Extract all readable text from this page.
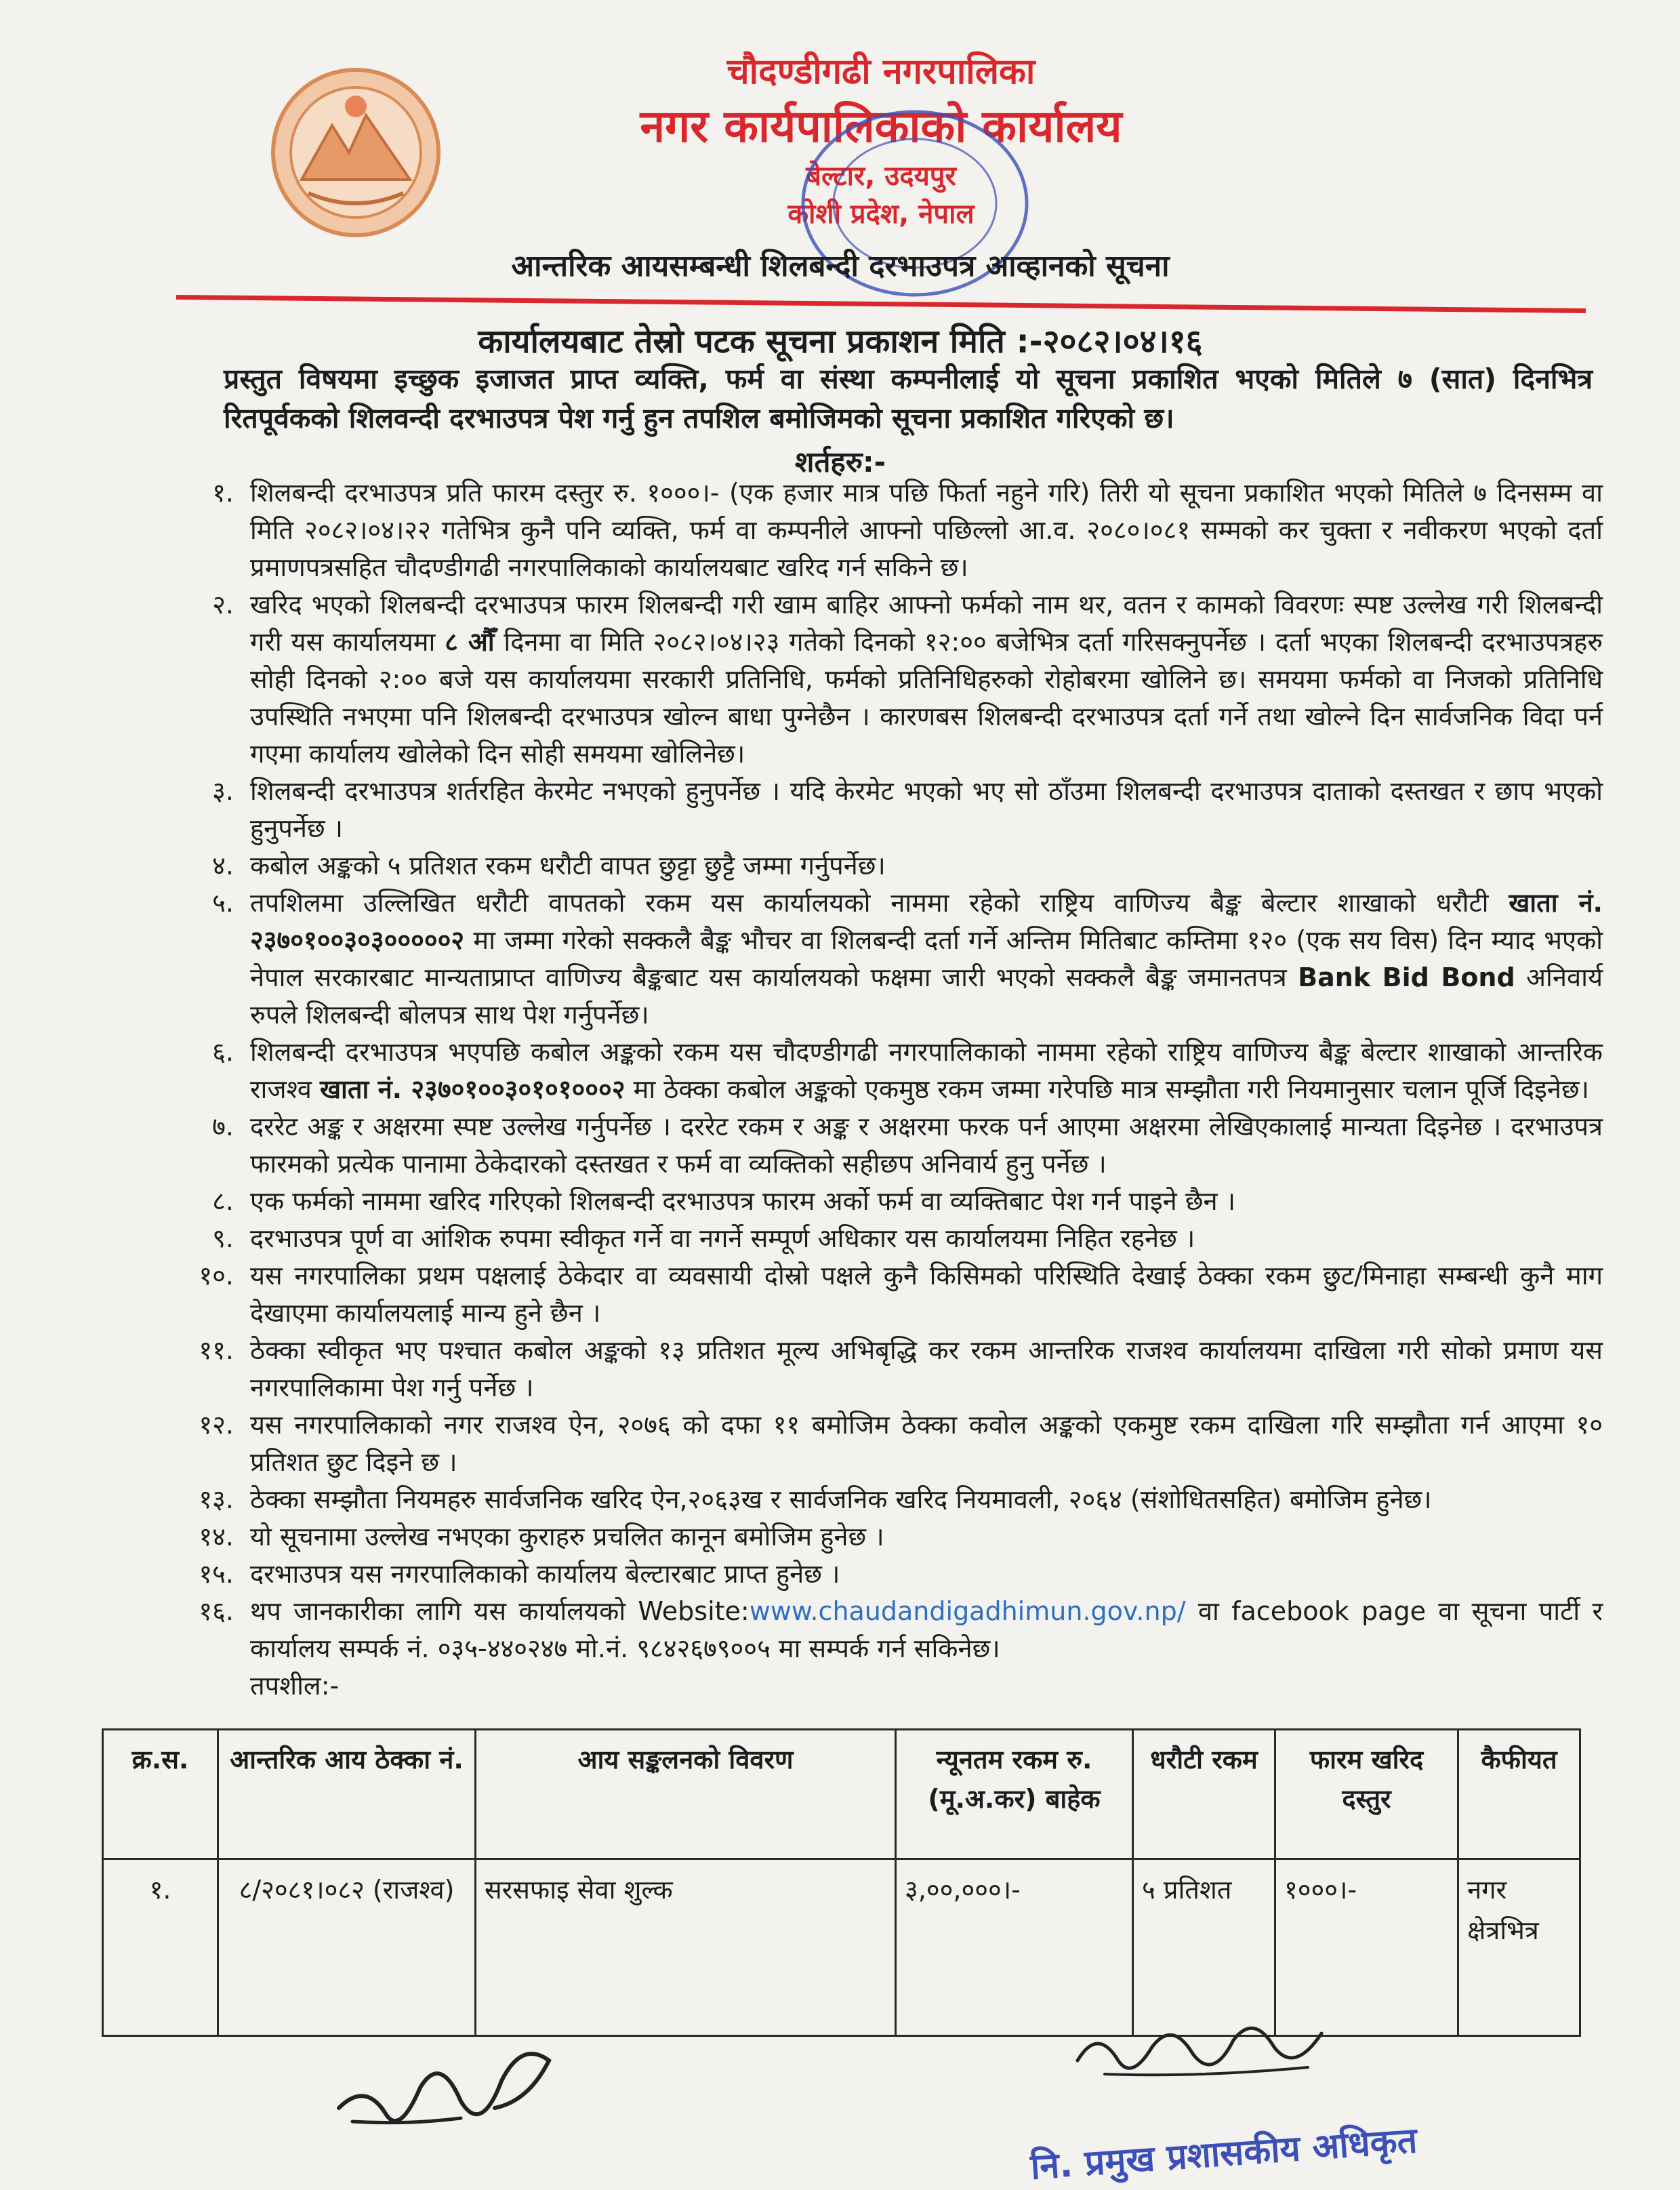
चौदण्डीगढी नगरपालिका
नगर कार्यपालिकाको कार्यालय
बेल्टार, उदयपुर
कोशी प्रदेश, नेपाल
आन्तरिक आयसम्बन्धी शिलबन्दी दरभाउपत्र आव्हानको सूचना
कार्यालयबाट तेस्रो पटक सूचना प्रकाशन मिति :-२०८२।०४।१६
प्रस्तुत विषयमा इच्छुक इजाजत प्राप्त व्यक्ति, फर्म वा संस्था कम्पनीलाई यो सूचना प्रकाशित भएको मितिले ७ (सात) दिनभित्र रितपूर्वकको शिलवन्दी दरभाउपत्र पेश गर्नु हुन तपशिल बमोजिमको सूचना प्रकाशित गरिएको छ।
शर्तहरु:-
१. शिलबन्दी दरभाउपत्र प्रति फारम दस्तुर रु. १०००।- (एक हजार मात्र पछि फिर्ता नहुने गरि) तिरी यो सूचना प्रकाशित भएको मितिले ७ दिनसम्म वा मिति २०८२।०४।२२ गतेभित्र कुनै पनि व्यक्ति, फर्म वा कम्पनीले आफ्नो पछिल्लो आ.व. २०८०।०८१ सम्मको कर चुक्ता र नवीकरण भएको दर्ता प्रमाणपत्रसहित चौदण्डीगढी नगरपालिकाको कार्यालयबाट खरिद गर्न सकिने छ।
२. खरिद भएको शिलबन्दी दरभाउपत्र फारम शिलबन्दी गरी खाम बाहिर आफ्नो फर्मको नाम थर, वतन र कामको विवरणः स्पष्ट उल्लेख गरी शिलबन्दी गरी यस कार्यालयमा ८ औँ दिनमा वा मिति २०८२।०४।२३ गतेको दिनको १२:०० बजेभित्र दर्ता गरिसक्नुपर्नेछ । दर्ता भएका शिलबन्दी दरभाउपत्रहरु सोही दिनको २:०० बजे यस कार्यालयमा सरकारी प्रतिनिधि, फर्मको प्रतिनिधिहरुको रोहोबरमा खोलिने छ। समयमा फर्मको वा निजको प्रतिनिधि उपस्थिति नभएमा पनि शिलबन्दी दरभाउपत्र खोल्न बाधा पुग्नेछैन । कारणबस शिलबन्दी दरभाउपत्र दर्ता गर्ने तथा खोल्ने दिन सार्वजनिक विदा पर्न गएमा कार्यालय खोलेको दिन सोही समयमा खोलिनेछ।
३. शिलबन्दी दरभाउपत्र शर्तरहित केरमेट नभएको हुनुपर्नेछ । यदि केरमेट भएको भए सो ठाँउमा शिलबन्दी दरभाउपत्र दाताको दस्तखत र छाप भएको हुनुपर्नेछ ।
४. कबोल अङ्कको ५ प्रतिशत रकम धरौटी वापत छुट्टा छुट्टै जम्मा गर्नुपर्नेछ।
५. तपशिलमा उल्लिखित धरौटी वापतको रकम यस कार्यालयको नाममा रहेको राष्ट्रिय वाणिज्य बैङ्क बेल्टार शाखाको धरौटी खाता नं. २३७०१००३०३०००००२ मा जम्मा गरेको सक्कलै बैङ्क भौचर वा शिलबन्दी दर्ता गर्ने अन्तिम मितिबाट कम्तिमा १२० (एक सय विस) दिन म्याद भएको नेपाल सरकारबाट मान्यताप्राप्त वाणिज्य बैङ्कबाट यस कार्यालयको फक्षमा जारी भएको सक्कलै बैङ्क जमानतपत्र Bank Bid Bond अनिवार्य रुपले शिलबन्दी बोलपत्र साथ पेश गर्नुपर्नेछ।
६. शिलबन्दी दरभाउपत्र भएपछि कबोल अङ्कको रकम यस चौदण्डीगढी नगरपालिकाको नाममा रहेको राष्ट्रिय वाणिज्य बैङ्क बेल्टार शाखाको आन्तरिक राजश्व खाता नं. २३७०१००३०१०१०००२ मा ठेक्का कबोल अङ्कको एकमुष्ठ रकम जम्मा गरेपछि मात्र सम्झौता गरी नियमानुसार चलान पूर्जि दिइनेछ।
७. दररेट अङ्क र अक्षरमा स्पष्ट उल्लेख गर्नुपर्नेछ । दररेट रकम र अङ्क र अक्षरमा फरक पर्न आएमा अक्षरमा लेखिएकालाई मान्यता दिइनेछ । दरभाउपत्र फारमको प्रत्येक पानामा ठेकेदारको दस्तखत र फर्म वा व्यक्तिको सहीछप अनिवार्य हुनु पर्नेछ ।
८. एक फर्मको नाममा खरिद गरिएको शिलबन्दी दरभाउपत्र फारम अर्को फर्म वा व्यक्तिबाट पेश गर्न पाइने छैन ।
९. दरभाउपत्र पूर्ण वा आंशिक रुपमा स्वीकृत गर्ने वा नगर्ने सम्पूर्ण अधिकार यस कार्यालयमा निहित रहनेछ ।
१०. यस नगरपालिका प्रथम पक्षलाई ठेकेदार वा व्यवसायी दोस्रो पक्षले कुनै किसिमको परिस्थिति देखाई ठेक्का रकम छुट/मिनाहा सम्बन्धी कुनै माग देखाएमा कार्यालयलाई मान्य हुने छैन ।
११. ठेक्का स्वीकृत भए पश्चात कबोल अङ्कको १३ प्रतिशत मूल्य अभिबृद्धि कर रकम आन्तरिक राजश्व कार्यालयमा दाखिला गरी सोको प्रमाण यस नगरपालिकामा पेश गर्नु पर्नेछ ।
१२. यस नगरपालिकाको नगर राजश्व ऐन, २०७६ को दफा ११ बमोजिम ठेक्का कवोल अङ्कको एकमुष्ट रकम दाखिला गरि सम्झौता गर्न आएमा १० प्रतिशत छुट दिइने छ ।
१३. ठेक्का सम्झौता नियमहरु सार्वजनिक खरिद ऐन,२०६३ख र सार्वजनिक खरिद नियमावली, २०६४ (संशोधितसहित) बमोजिम हुनेछ।
१४. यो सूचनामा उल्लेख नभएका कुराहरु प्रचलित कानून बमोजिम हुनेछ ।
१५. दरभाउपत्र यस नगरपालिकाको कार्यालय बेल्टारबाट प्राप्त हुनेछ ।
१६. थप जानकारीका लागि यस कार्यालयको Website:www.chaudandigadhimun.gov.np/ वा facebook page वा सूचना पार्टी र कार्यालय सम्पर्क नं. ०३५-४४०२४७ मो.नं. ९८४२६७९००५ मा सम्पर्क गर्न सकिनेछ।
तपशील:-
क्र.स.	आन्तरिक आय ठेक्का नं.	आय सङ्कलनको विवरण	न्यूनतम रकम रु. (मू.अ.कर) बाहेक	धरौटी रकम	फारम खरिद दस्तुर	कैफीयत
१.	८/२०८१।०८२ (राजश्व)	सरसफाइ सेवा शुल्क	३,००,०००।-	५ प्रतिशत	१०००।-	नगर क्षेत्रभित्र
नि. प्रमुख प्रशासकीय अधिकृत
